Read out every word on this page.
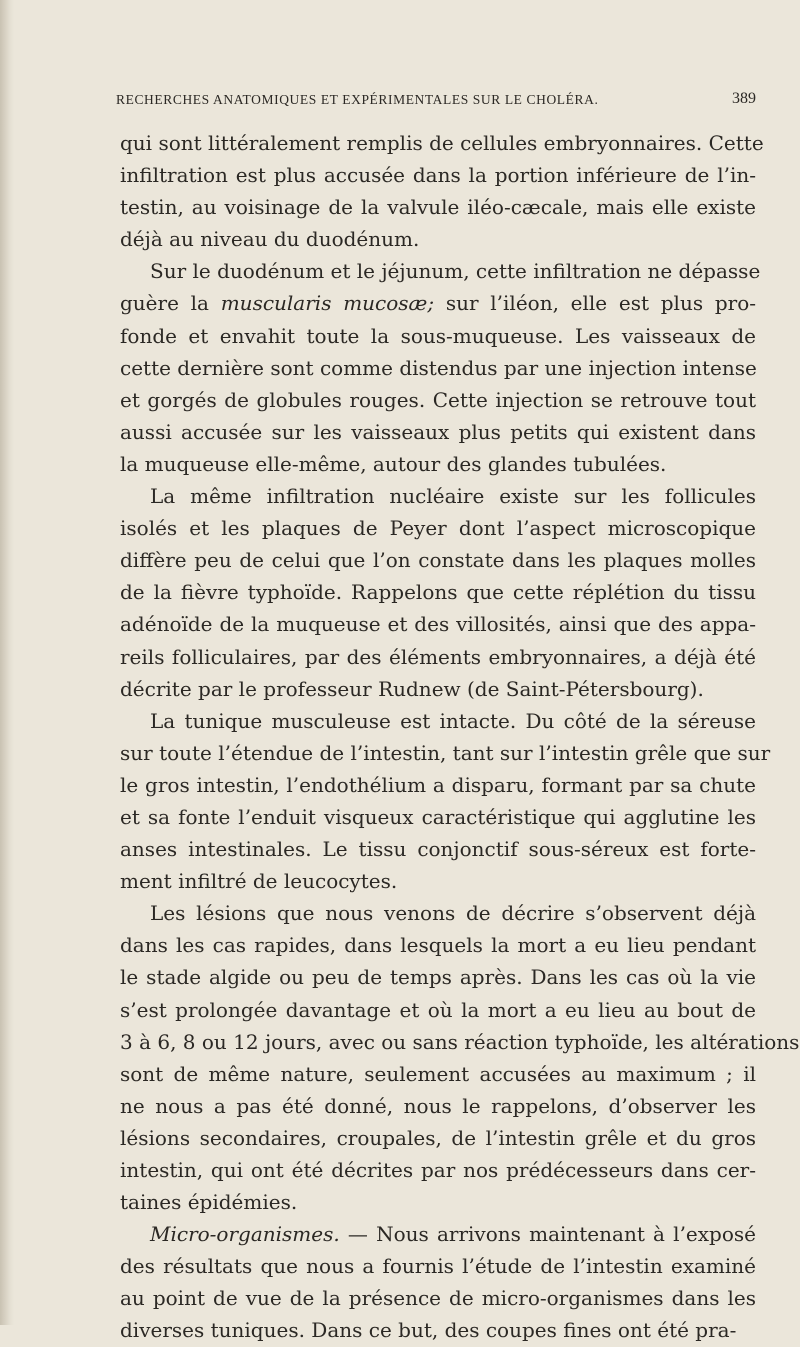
RECHERCHES ANATOMIQUES ET EXPÉRIMENTALES SUR LE CHOLÉRA.	389
qui sont littéralement remplis de cellules embryonnaires. Cette
infiltration est plus accusée dans la portion inférieure de l’in-
testin, au voisinage de la valvule iléo-cæcale, mais elle existe
déjà au niveau du duodénum.
Sur le duodénum et le jéjunum, cette infiltration ne dépasse
guère la muscularis mucosæ; sur l’iléon, elle est plus pro-
fonde et envahit toute la sous-muqueuse. Les vaisseaux de
cette dernière sont comme distendus par une injection intense
et gorgés de globules rouges. Cette injection se retrouve tout
aussi accusée sur les vaisseaux plus petits qui existent dans
la muqueuse elle-même, autour des glandes tubulées.
La même infiltration nucléaire existe sur les follicules
isolés et les plaques de Peyer dont l’aspect microscopique
diffère peu de celui que l’on constate dans les plaques molles
de la fièvre typhoïde. Rappelons que cette réplétion du tissu
adénoïde de la muqueuse et des villosités, ainsi que des appa-
reils folliculaires, par des éléments embryonnaires, a déjà été
décrite par le professeur Rudnew (de Saint-Pétersbourg).
La tunique musculeuse est intacte. Du côté de la séreuse
sur toute l’étendue de l’intestin, tant sur l’intestin grêle que sur
le gros intestin, l’endothélium a disparu, formant par sa chute
et sa fonte l’enduit visqueux caractéristique qui agglutine les
anses intestinales. Le tissu conjonctif sous-séreux est forte-
ment infiltré de leucocytes.
Les lésions que nous venons de décrire s’observent déjà
dans les cas rapides, dans lesquels la mort a eu lieu pendant
le stade algide ou peu de temps après. Dans les cas où la vie
s’est prolongée davantage et où la mort a eu lieu au bout de
3 à 6, 8 ou 12 jours, avec ou sans réaction typhoïde, les altérations
sont de même nature, seulement accusées au maximum ; il
ne nous a pas été donné, nous le rappelons, d’observer les
lésions secondaires, croupales, de l’intestin grêle et du gros
intestin, qui ont été décrites par nos prédécesseurs dans cer-
taines épidémies.
Micro-organismes. — Nous arrivons maintenant à l’exposé
des résultats que nous a fournis l’étude de l’intestin examiné
au point de vue de la présence de micro-organismes dans les
diverses tuniques. Dans ce but, des coupes fines ont été pra-
